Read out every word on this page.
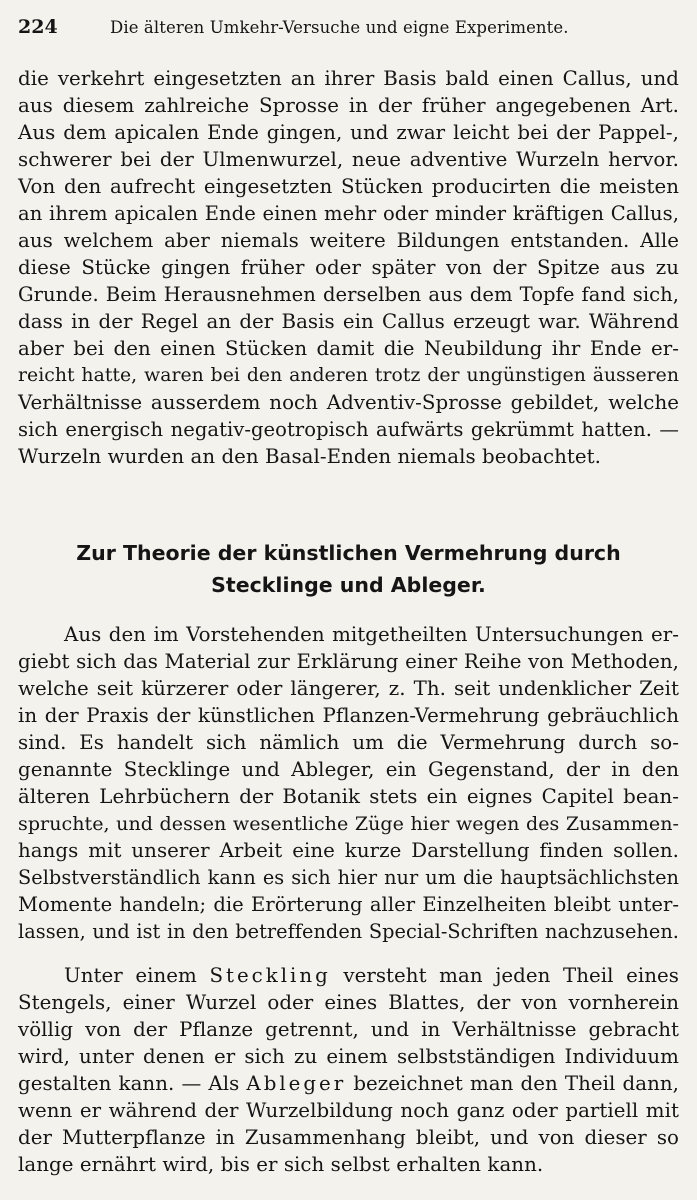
224	Die älteren Umkehr-Versuche und eigne Experimente.
die verkehrt eingesetzten an ihrer Basis bald einen Callus, und
aus diesem zahlreiche Sprosse in der früher angegebenen Art.
Aus dem apicalen Ende gingen, und zwar leicht bei der Pappel-,
schwerer bei der Ulmenwurzel, neue adventive Wurzeln hervor.
Von den aufrecht eingesetzten Stücken producirten die meisten
an ihrem apicalen Ende einen mehr oder minder kräftigen Callus,
aus welchem aber niemals weitere Bildungen entstanden. Alle
diese Stücke gingen früher oder später von der Spitze aus zu
Grunde. Beim Herausnehmen derselben aus dem Topfe fand sich,
dass in der Regel an der Basis ein Callus erzeugt war. Während
aber bei den einen Stücken damit die Neubildung ihr Ende er-
reicht hatte, waren bei den anderen trotz der ungünstigen äusseren
Verhältnisse ausserdem noch Adventiv-Sprosse gebildet, welche
sich energisch negativ-geotropisch aufwärts gekrümmt hatten. —
Wurzeln wurden an den Basal-Enden niemals beobachtet.
Zur Theorie der künstlichen Vermehrung durch
Stecklinge und Ableger.
Aus den im Vorstehenden mitgetheilten Untersuchungen er-
giebt sich das Material zur Erklärung einer Reihe von Methoden,
welche seit kürzerer oder längerer, z. Th. seit undenklicher Zeit
in der Praxis der künstlichen Pflanzen-Vermehrung gebräuchlich
sind. Es handelt sich nämlich um die Vermehrung durch so-
genannte Stecklinge und Ableger, ein Gegenstand, der in den
älteren Lehrbüchern der Botanik stets ein eignes Capitel bean-
spruchte, und dessen wesentliche Züge hier wegen des Zusammen-
hangs mit unserer Arbeit eine kurze Darstellung finden sollen.
Selbstverständlich kann es sich hier nur um die hauptsächlichsten
Momente handeln; die Erörterung aller Einzelheiten bleibt unter-
lassen, und ist in den betreffenden Special-Schriften nachzusehen.
Unter einem Steckling versteht man jeden Theil eines
Stengels, einer Wurzel oder eines Blattes, der von vornherein
völlig von der Pflanze getrennt, und in Verhältnisse gebracht
wird, unter denen er sich zu einem selbstständigen Individuum
gestalten kann. — Als Ableger bezeichnet man den Theil dann,
wenn er während der Wurzelbildung noch ganz oder partiell mit
der Mutterpflanze in Zusammenhang bleibt, und von dieser so
lange ernährt wird, bis er sich selbst erhalten kann.
